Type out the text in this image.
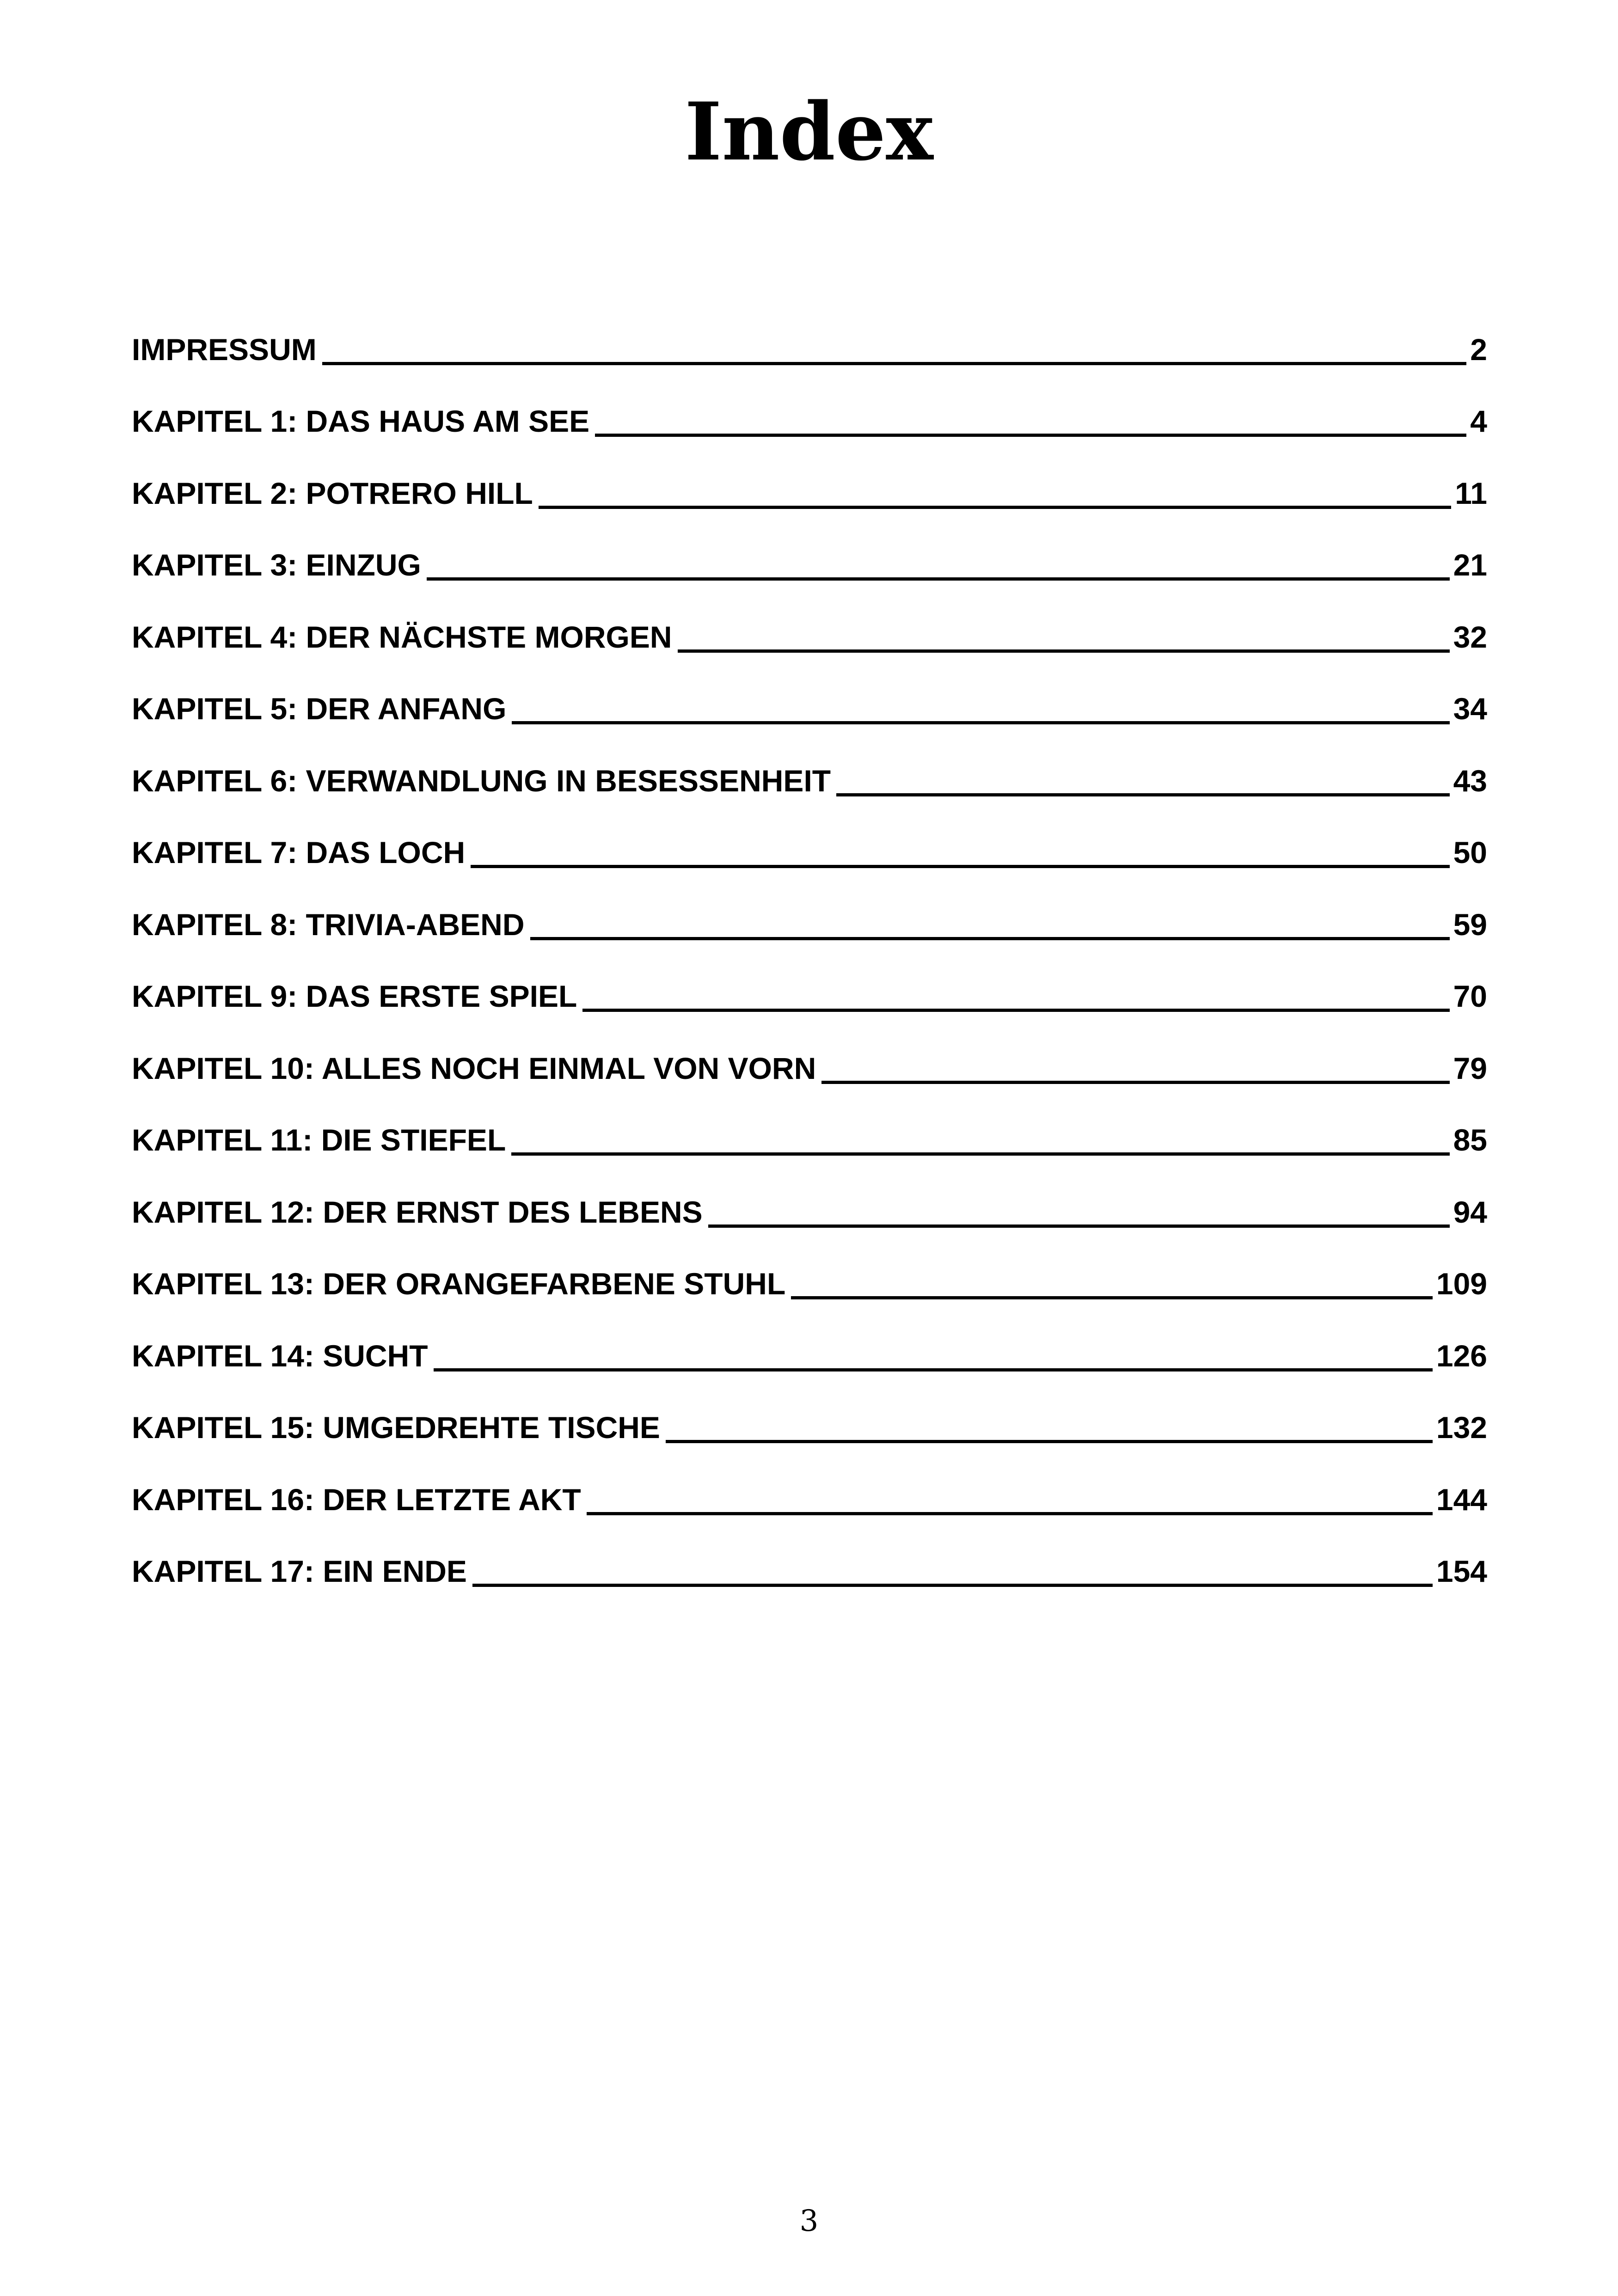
Index
IMPRESSUM	2
KAPITEL 1: DAS HAUS AM SEE	4
KAPITEL 2: POTRERO HILL	11
KAPITEL 3: EINZUG	21
KAPITEL 4: DER NÄCHSTE MORGEN	32
KAPITEL 5: DER ANFANG	34
KAPITEL 6: VERWANDLUNG IN BESESSENHEIT	43
KAPITEL 7: DAS LOCH	50
KAPITEL 8: TRIVIA-ABEND	59
KAPITEL 9: DAS ERSTE SPIEL	70
KAPITEL 10: ALLES NOCH EINMAL VON VORN	79
KAPITEL 11: DIE STIEFEL	85
KAPITEL 12: DER ERNST DES LEBENS	94
KAPITEL 13: DER ORANGEFARBENE STUHL	109
KAPITEL 14: SUCHT	126
KAPITEL 15: UMGEDREHTE TISCHE	132
KAPITEL 16: DER LETZTE AKT	144
KAPITEL 17: EIN ENDE	154
3
